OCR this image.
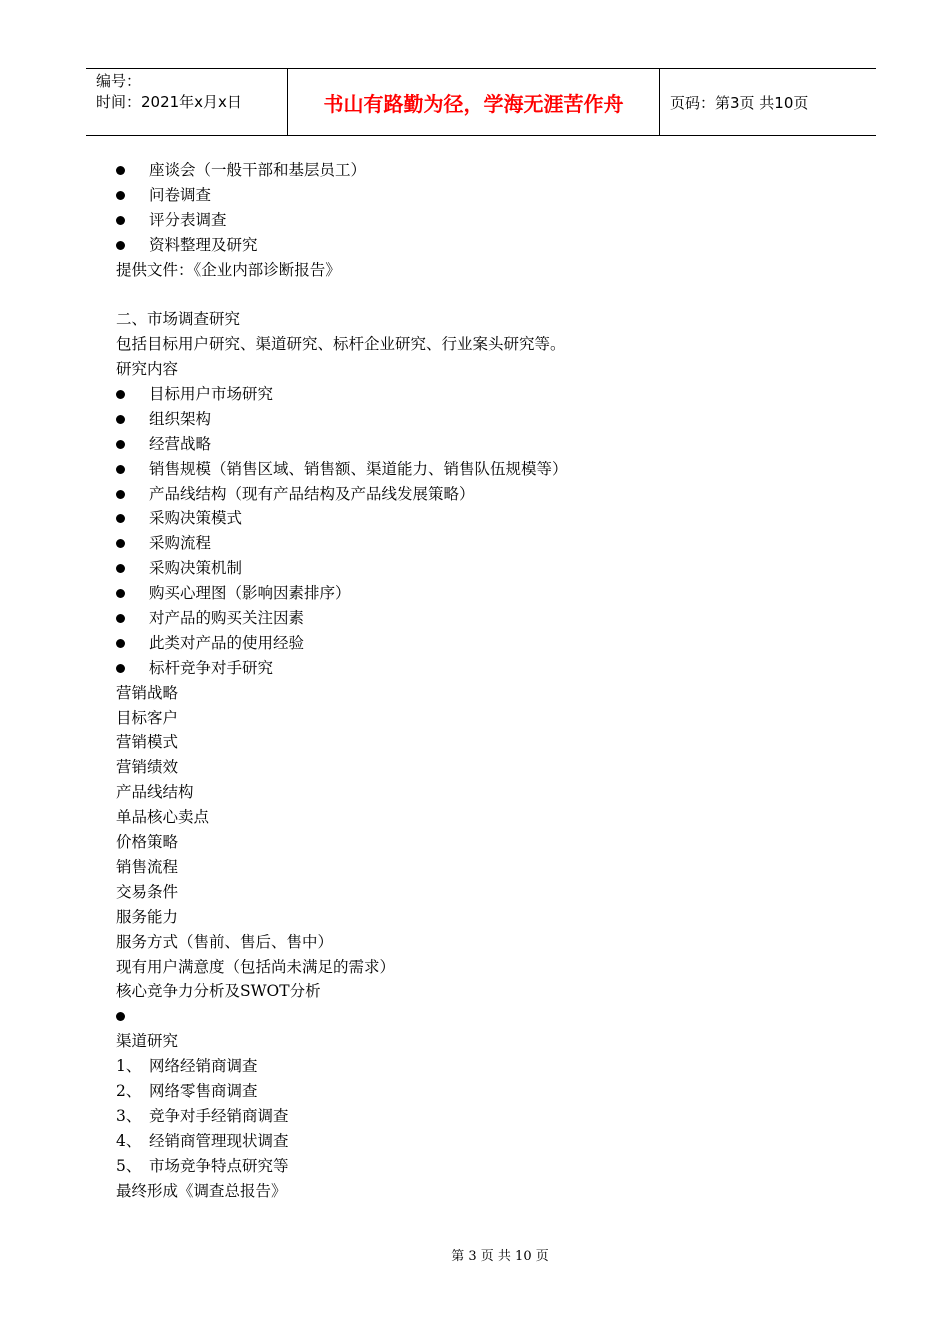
编号：
时间：2021年x月x日	书山有路勤为径，学海无涯苦作舟	页码：第3页 共10页
座谈会（一般干部和基层员工）
问卷调查
评分表调查
资料整理及研究
提供文件：《企业内部诊断报告》
二、市场调查研究
包括目标用户研究、渠道研究、标杆企业研究、行业案头研究等。
研究内容
目标用户市场研究
组织架构
经营战略
销售规模（销售区域、销售额、渠道能力、销售队伍规模等）
产品线结构（现有产品结构及产品线发展策略）
采购决策模式
采购流程
采购决策机制
购买心理图（影响因素排序）
对产品的购买关注因素
此类对产品的使用经验
标杆竞争对手研究
营销战略
目标客户
营销模式
营销绩效
产品线结构
单品核心卖点
价格策略
销售流程
交易条件
服务能力
服务方式（售前、售后、售中）
现有用户满意度（包括尚未满足的需求）
核心竞争力分析及SWOT分析
渠道研究
1、 网络经销商调查
2、 网络零售商调查
3、 竞争对手经销商调查
4、 经销商管理现状调查
5、 市场竞争特点研究等
最终形成《调查总报告》
第 3 页 共 10 页
